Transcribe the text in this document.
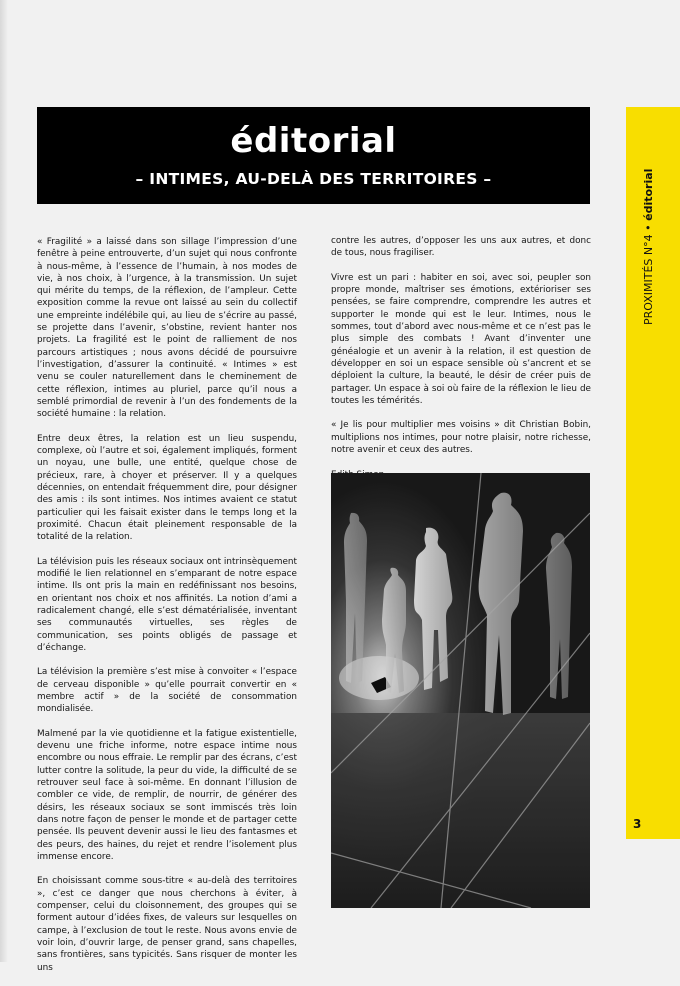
éditorial
– INTIMES, AU-DELÀ DES TERRITOIRES –
PROXIMITÉS N°4 • éditorial
3

« Fragilité » a laissé dans son sillage l’impression d’une fenêtre à peine entrouverte, d’un sujet qui nous confronte à nous-même, à l’essence de l’humain, à nos modes de vie, à nos choix, à l’urgence, à la transmission. Un sujet qui mérite du temps, de la réflexion, de l’ampleur. Cette exposition comme la revue ont laissé au sein du collectif une empreinte indélébile qui, au lieu de s’écrire au passé, se projette dans l’avenir, s’obstine, revient hanter nos projets. La fragilité est le point de ralliement de nos parcours artistiques ; nous avons décidé de poursuivre l’investigation, d’assurer la continuité. « Intimes » est venu se couler naturellement dans le cheminement de cette réflexion, intimes au pluriel, parce qu’il nous a semblé primordial de revenir à l’un des fondements de la société humaine : la relation.

Entre deux êtres, la relation est un lieu suspendu, complexe, où l’autre et soi, également impliqués, forment un noyau, une bulle, une entité, quelque chose de précieux, rare, à choyer et préserver. Il y a quelques décennies, on entendait fréquemment dire, pour désigner des amis : ils sont intimes. Nos intimes avaient ce statut particulier qui les faisait exister dans le temps long et la proximité. Chacun était pleinement responsable de la totalité de la relation.

La télévision puis les réseaux sociaux ont intrinsèquement modifié le lien relationnel en s’emparant de notre espace intime. Ils ont pris la main en redéfinissant nos besoins, en orientant nos choix et nos affinités. La notion d’ami a radicalement changé, elle s’est dématérialisée, inventant ses communautés virtuelles, ses règles de communication, ses points obligés de passage et d’échange.

La télévision la première s’est mise à convoiter « l’espace de cerveau disponible » qu’elle pourrait convertir en « membre actif » de la société de consommation mondialisée.

Malmené par la vie quotidienne et la fatigue existentielle, devenu une friche informe, notre espace intime nous encombre ou nous effraie. Le remplir par des écrans, c’est lutter contre la solitude, la peur du vide, la difficulté de se retrouver seul face à soi-même. En donnant l’illusion de combler ce vide, de remplir, de nourrir, de générer des désirs, les réseaux sociaux se sont immiscés très loin dans notre façon de penser le monde et de partager cette pensée. Ils peuvent devenir aussi le lieu des fantasmes et des peurs, des haines, du rejet et rendre l’isolement plus immense encore.

En choisissant comme sous-titre « au-delà des territoires », c’est ce danger que nous cherchons à éviter, à compenser, celui du cloisonnement, des groupes qui se forment autour d’idées fixes, de valeurs sur lesquelles on campe, à l’exclusion de tout le reste. Nous avons envie de voir loin, d’ouvrir large, de penser grand, sans chapelles, sans frontières, sans typicités. Sans risquer de monter les uns

contre les autres, d’opposer les uns aux autres, et donc de tous, nous fragiliser.

Vivre est un pari : habiter en soi, avec soi, peupler son propre monde, maîtriser ses émotions, extérioriser ses pensées, se faire comprendre, comprendre les autres et supporter le monde qui est le leur. Intimes, nous le sommes, tout d’abord avec nous-même et ce n’est pas le plus simple des combats ! Avant d’inventer une généalogie et un avenir à la relation, il est question de développer en soi un espace sensible où s’ancrent et se déploient la culture, la beauté, le désir de créer puis de partager. Un espace à soi où faire de la réflexion le lieu de toutes les témérités.

« Je lis pour multiplier mes voisins » dit Christian Bobin, multiplions nos intimes, pour notre plaisir, notre richesse, notre avenir et ceux des autres.
